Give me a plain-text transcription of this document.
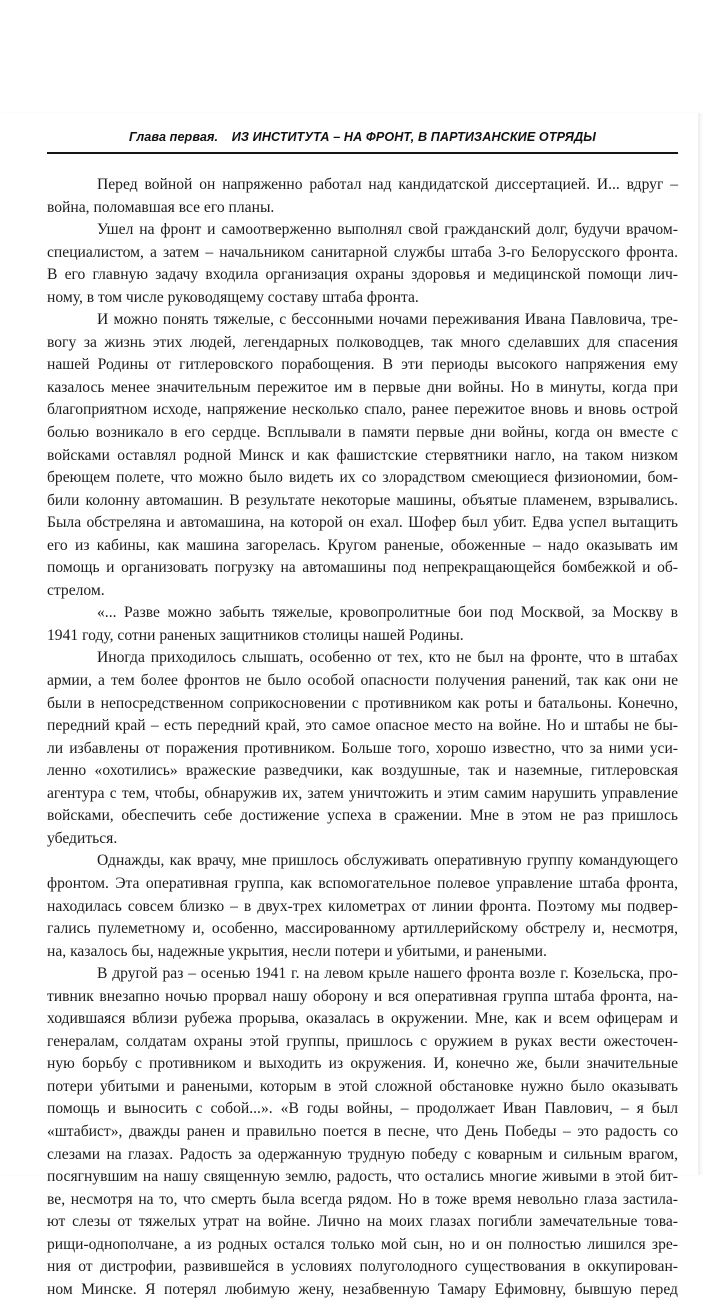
Глава первая. ИЗ ИНСТИТУТА – НА ФРОНТ, В ПАРТИЗАНСКИЕ ОТРЯДЫ
Перед войной он напряженно работал над кандидатской диссертацией. И... вдруг –
война, поломавшая все его планы.
Ушел на фронт и самоотверженно выполнял свой гражданский долг, будучи врачом-
специалистом, а затем – начальником санитарной службы штаба 3-го Белорусского фронта.
В его главную задачу входила организация охраны здоровья и медицинской помощи лич-
ному, в том числе руководящему составу штаба фронта.
И можно понять тяжелые, с бессонными ночами переживания Ивана Павловича, тре-
вогу за жизнь этих людей, легендарных полководцев, так много сделавших для спасения
нашей Родины от гитлеровского порабощения. В эти периоды высокого напряжения ему
казалось менее значительным пережитое им в первые дни войны. Но в минуты, когда при
благоприятном исходе, напряжение несколько спало, ранее пережитое вновь и вновь острой
болью возникало в его сердце. Всплывали в памяти первые дни войны, когда он вместе с
войсками оставлял родной Минск и как фашистские стервятники нагло, на таком низком
бреющем полете, что можно было видеть их со злорадством смеющиеся физиономии, бом-
били колонну автомашин. В результате некоторые машины, объятые пламенем, взрывались.
Была обстреляна и автомашина, на которой он ехал. Шофер был убит. Едва успел вытащить
его из кабины, как машина загорелась. Кругом раненые, обоженные – надо оказывать им
помощь и организовать погрузку на автомашины под непрекращающейся бомбежкой и об-
стрелом.
«... Разве можно забыть тяжелые, кровопролитные бои под Москвой, за Москву в
1941 году, сотни раненых защитников столицы нашей Родины.
Иногда приходилось слышать, особенно от тех, кто не был на фронте, что в штабах
армии, а тем более фронтов не было особой опасности получения ранений, так как они не
были в непосредственном соприкосновении с противником как роты и батальоны. Конечно,
передний край – есть передний край, это самое опасное место на войне. Но и штабы не бы-
ли избавлены от поражения противником. Больше того, хорошо известно, что за ними уси-
ленно «охотились» вражеские разведчики, как воздушные, так и наземные, гитлеровская
агентура с тем, чтобы, обнаружив их, затем уничтожить и этим самим нарушить управление
войсками, обеспечить себе достижение успеха в сражении. Мне в этом не раз пришлось
убедиться.
Однажды, как врачу, мне пришлось обслуживать оперативную группу командующего
фронтом. Эта оперативная группа, как вспомогательное полевое управление штаба фронта,
находилась совсем близко – в двух-трех километрах от линии фронта. Поэтому мы подвер-
гались пулеметному и, особенно, массированному артиллерийскому обстрелу и, несмотря,
на, казалось бы, надежные укрытия, несли потери и убитыми, и ранеными.
В другой раз – осенью 1941 г. на левом крыле нашего фронта возле г. Козельска, про-
тивник внезапно ночью прорвал нашу оборону и вся оперативная группа штаба фронта, на-
ходившаяся вблизи рубежа прорыва, оказалась в окружении. Мне, как и всем офицерам и
генералам, солдатам охраны этой группы, пришлось с оружием в руках вести ожесточен-
ную борьбу с противником и выходить из окружения. И, конечно же, были значительные
потери убитыми и ранеными, которым в этой сложной обстановке нужно было оказывать
помощь и выносить с собой...». «В годы войны, – продолжает Иван Павлович, – я был
«штабист», дважды ранен и правильно поется в песне, что День Победы – это радость со
слезами на глазах. Радость за одержанную трудную победу с коварным и сильным врагом,
посягнувшим на нашу священную землю, радость, что остались многие живыми в этой бит-
ве, несмотря на то, что смерть была всегда рядом. Но в тоже время невольно глаза застила-
ют слезы от тяжелых утрат на войне. Лично на моих глазах погибли замечательные това-
рищи-однополчане, а из родных остался только мой сын, но и он полностью лишился зре-
ния от дистрофии, развившейся в условиях полуголодного существования в оккупирован-
ном Минске. Я потерял любимую жену, незабвенную Тамару Ефимовну, бывшую перед
